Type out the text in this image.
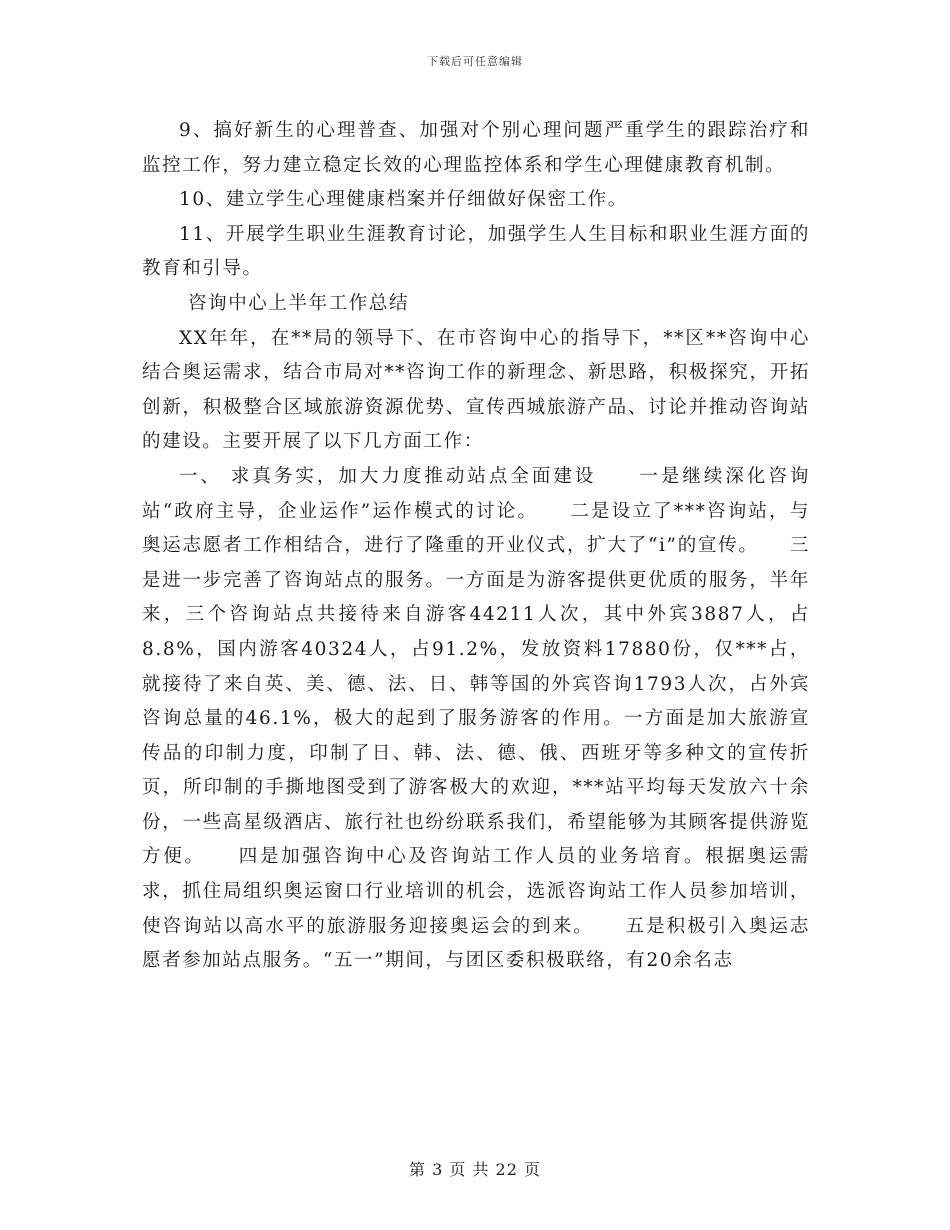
下载后可任意编辑

9、搞好新生的心理普查、加强对个别心理问题严重学生的跟踪治疗和监控工作，努力建立稳定长效的心理监控体系和学生心理健康教育机制。

10、建立学生心理健康档案并仔细做好保密工作。

11、开展学生职业生涯教育讨论，加强学生人生目标和职业生涯方面的教育和引导。

咨询中心上半年工作总结

XX年年，在**局的领导下、在市咨询中心的指导下，**区**咨询中心结合奥运需求，结合市局对**咨询工作的新理念、新思路，积极探究，开拓创新，积极整合区域旅游资源优势、宣传西城旅游产品、讨论并推动咨询站的建设。主要开展了以下几方面工作：

一、 求真务实，加大力度推动站点全面建设　　一是继续深化咨询站“政府主导，企业运作”运作模式的讨论。　　二是设立了***咨询站，与奥运志愿者工作相结合，进行了隆重的开业仪式，扩大了“i”的宣传。　　三是进一步完善了咨询站点的服务。一方面是为游客提供更优质的服务，半年来，三个咨询站点共接待来自游客44211人次，其中外宾3887人，占8.8%，国内游客40324人，占91.2%，发放资料17880份，仅***占，就接待了来自英、美、德、法、日、韩等国的外宾咨询1793人次，占外宾咨询总量的46.1%，极大的起到了服务游客的作用。一方面是加大旅游宣传品的印制力度，印制了日、韩、法、德、俄、西班牙等多种文的宣传折页，所印制的手撕地图受到了游客极大的欢迎，***站平均每天发放六十余份，一些高星级酒店、旅行社也纷纷联系我们，希望能够为其顾客提供游览方便。　　四是加强咨询中心及咨询站工作人员的业务培育。根据奥运需求，抓住局组织奥运窗口行业培训的机会，选派咨询站工作人员参加培训，使咨询站以高水平的旅游服务迎接奥运会的到来。　　五是积极引入奥运志愿者参加站点服务。“五一”期间，与团区委积极联络，有20余名志

第 3 页 共 22 页
